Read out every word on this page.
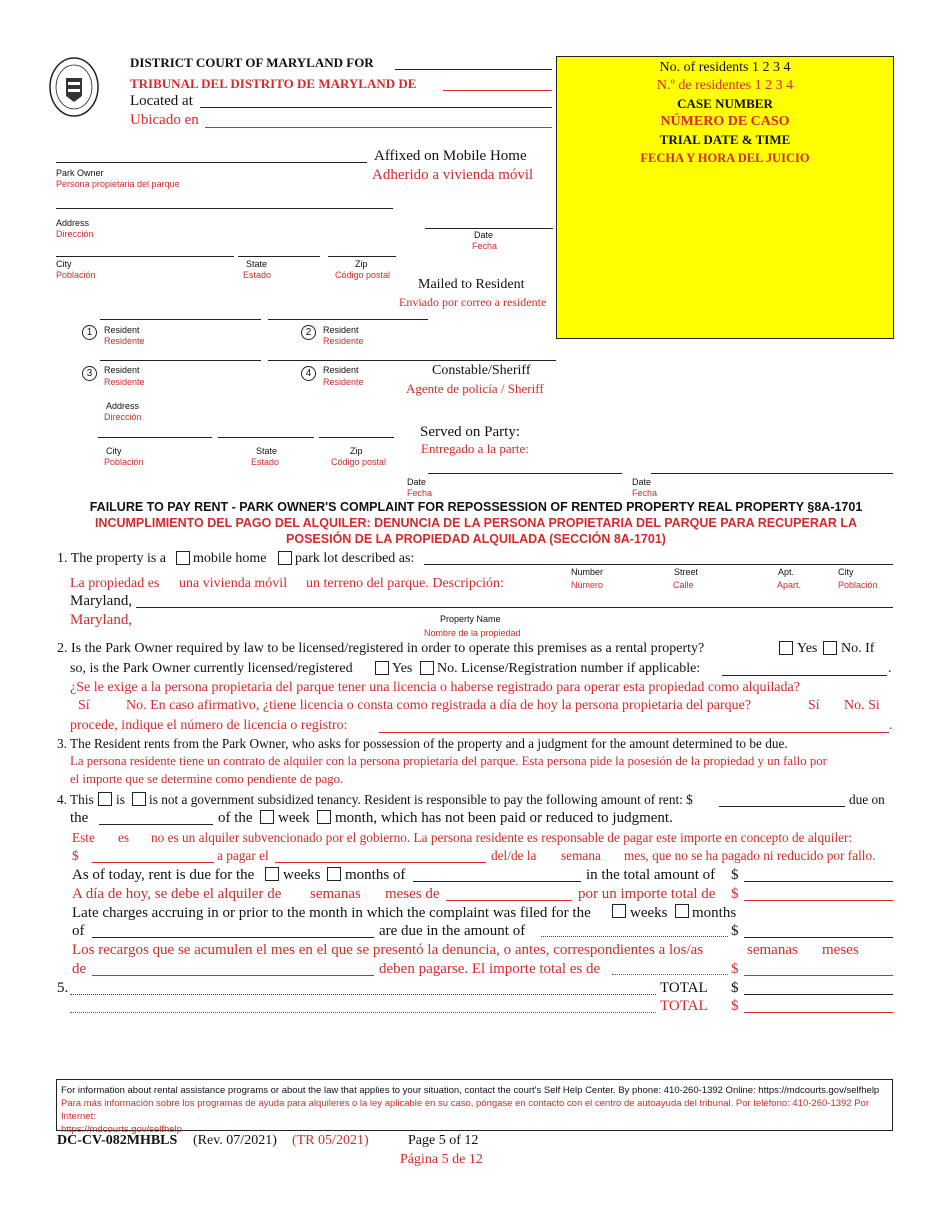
DISTRICT COURT OF MARYLAND FOR
TRIBUNAL DEL DISTRITO DE MARYLAND DE
Located at
Ubicado en
No. of residents 1 2 3 4
N.º de residentes 1 2 3 4
CASE NUMBER
NÚMERO DE CASO
TRIAL DATE & TIME
FECHA Y HORA DEL JUICIO
Park Owner
Persona propietaria del parque
Address
Dirección
City
Población
State
Estado
Zip
Código postal
Affixed on Mobile Home
Adherido a vivienda móvil
Date
Fecha
Mailed to Resident
Enviado por correo a residente
1	Resident
Residente
2	Resident
Residente
3	Resident
Residente
4	Resident
Residente
Constable/Sheriff
Agente de policía / Sheriff
Address
Dirección
City
Población
State
Estado
Zip
Código postal
Served on Party:
Entregado a la parte:
Date
Fecha
Date
Fecha
FAILURE TO PAY RENT - PARK OWNER'S COMPLAINT FOR REPOSSESSION OF RENTED PROPERTY REAL PROPERTY §8A-1701
INCUMPLIMIENTO DEL PAGO DEL ALQUILER: DENUNCIA DE LA PERSONA PROPIETARIA DEL PARQUE PARA RECUPERAR LA
POSESIÓN DE LA PROPIEDAD ALQUILADA (SECCIÓN 8A-1701)
1. The property is a mobile home park lot described as:
Number	Street	Apt.	City
La propiedad es una vivienda móvil un terreno del parque. Descripción:	Número	Calle	Apart.	Población
Maryland,
Property Name
Maryland,
Nombre de la propiedad
2. Is the Park Owner required by law to be licensed/registered in order to operate this premises as a rental property?	Yes No. If
so, is the Park Owner currently licensed/registered	Yes No. License/Registration number if applicable:	.
¿Se le exige a la persona propietaria del parque tener una licencia o haberse registrado para operar esta propiedad como alquilada?
Sí	No. En caso afirmativo, ¿tiene licencia o consta como registrada a día de hoy la persona propietaria del parque?	Sí No. Si
procede, indique el número de licencia o registro:	.
3. The Resident rents from the Park Owner, who asks for possession of the property and a judgment for the amount determined to be due.
La persona residente tiene un contrato de alquiler con la persona propietaria del parque. Esta persona pide la posesión de la propiedad y un fallo por
el importe que se determine como pendiente de pago.
4. This is is not a government subsidized tenancy. Resident is responsible to pay the following amount of rent: $	due on
the	of the week month, which has not been paid or reduced to judgment.
Este es no es un alquiler subvencionado por el gobierno. La persona residente es responsable de pagar este importe en concepto de alquiler:
$	a pagar el	del/de la semana mes, que no se ha pagado ni reducido por fallo.
As of today, rent is due for the weeks months of	in the total amount of $
A día de hoy, se debe el alquiler de semanas meses de	por un importe total de $
Late charges accruing in or prior to the month in which the complaint was filed for the	weeks months
of	are due in the amount of	$
Los recargos que se acumulen el mes en el que se presentó la denuncia, o antes, correspondientes a los/as	semanas meses
de	deben pagarse. El importe total es de	$
5.	TOTAL $
TOTAL $
For information about rental assistance programs or about the law that applies to your situation, contact the court's Self Help Center. By phone: 410-260-1392 Online: https://mdcourts.gov/selfhelp
Para más información sobre los programas de ayuda para alquileres o la ley aplicable en su caso, póngase en contacto con el centro de autoayuda del tribunal. Por teléfono: 410-260-1392 Por Internet:
https://mdcourts.gov/selfhelp
DC-CV-082MHBLS (Rev. 07/2021) (TR 05/2021)	Page 5 of 12
Página 5 de 12
